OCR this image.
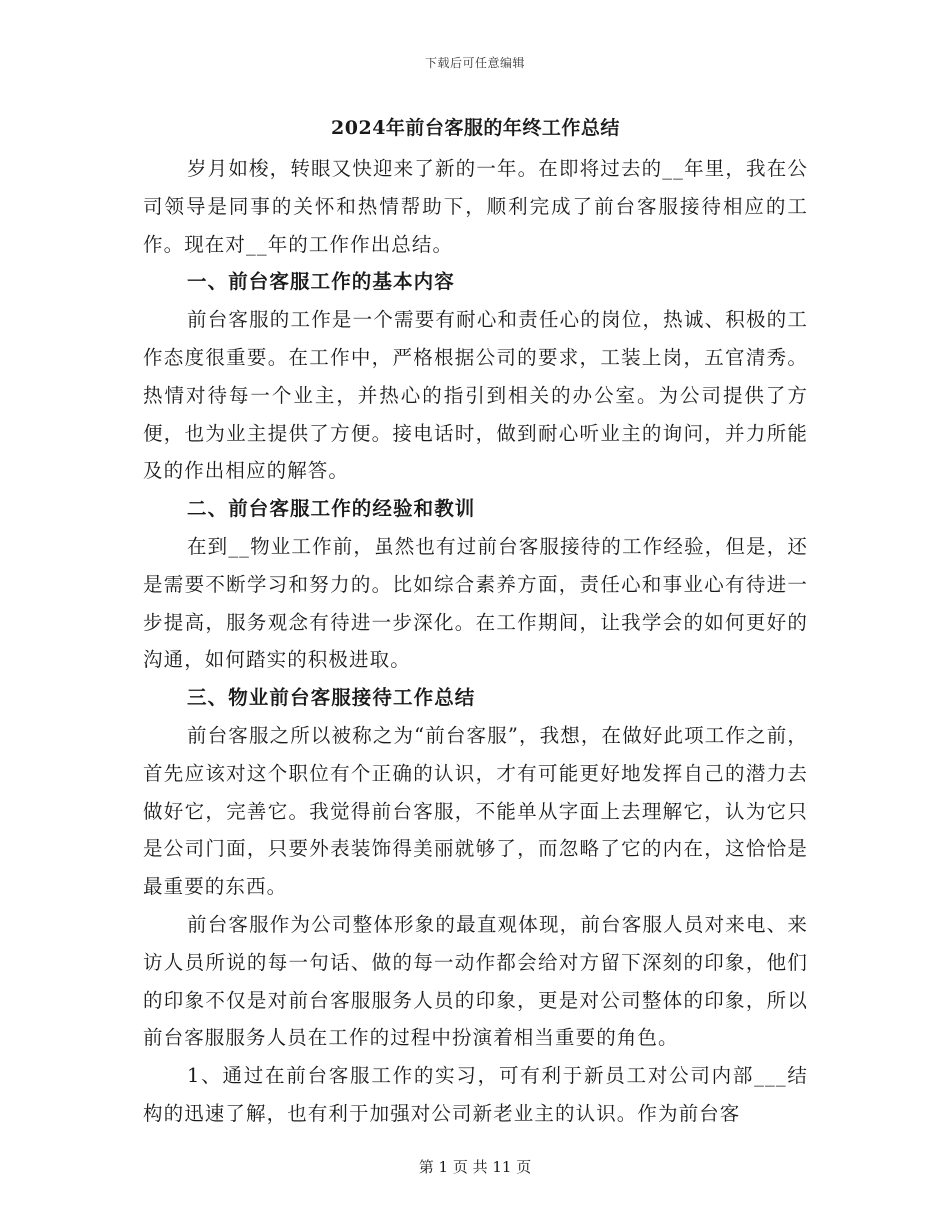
下载后可任意编辑
2024年前台客服的年终工作总结

岁月如梭，转眼又快迎来了新的一年。在即将过去的__年里，我在公司领导是同事的关怀和热情帮助下，顺利完成了前台客服接待相应的工作。现在对__年的工作作出总结。

一、前台客服工作的基本内容

前台客服的工作是一个需要有耐心和责任心的岗位，热诚、积极的工作态度很重要。在工作中，严格根据公司的要求，工装上岗，五官清秀。热情对待每一个业主，并热心的指引到相关的办公室。为公司提供了方便，也为业主提供了方便。接电话时，做到耐心听业主的询问，并力所能及的作出相应的解答。

二、前台客服工作的经验和教训

在到__物业工作前，虽然也有过前台客服接待的工作经验，但是，还是需要不断学习和努力的。比如综合素养方面，责任心和事业心有待进一步提高，服务观念有待进一步深化。在工作期间，让我学会的如何更好的沟通，如何踏实的积极进取。

三、物业前台客服接待工作总结

前台客服之所以被称之为“前台客服”，我想，在做好此项工作之前，首先应该对这个职位有个正确的认识，才有可能更好地发挥自己的潜力去做好它，完善它。我觉得前台客服，不能单从字面上去理解它，认为它只是公司门面，只要外表装饰得美丽就够了，而忽略了它的内在，这恰恰是最重要的东西。

前台客服作为公司整体形象的最直观体现，前台客服人员对来电、来访人员所说的每一句话、做的每一动作都会给对方留下深刻的印象，他们的印象不仅是对前台客服服务人员的印象，更是对公司整体的印象，所以前台客服服务人员在工作的过程中扮演着相当重要的角色。

1、通过在前台客服工作的实习，可有利于新员工对公司内部___结构的迅速了解，也有利于加强对公司新老业主的认识。作为前台客

第 1 页 共 11 页
